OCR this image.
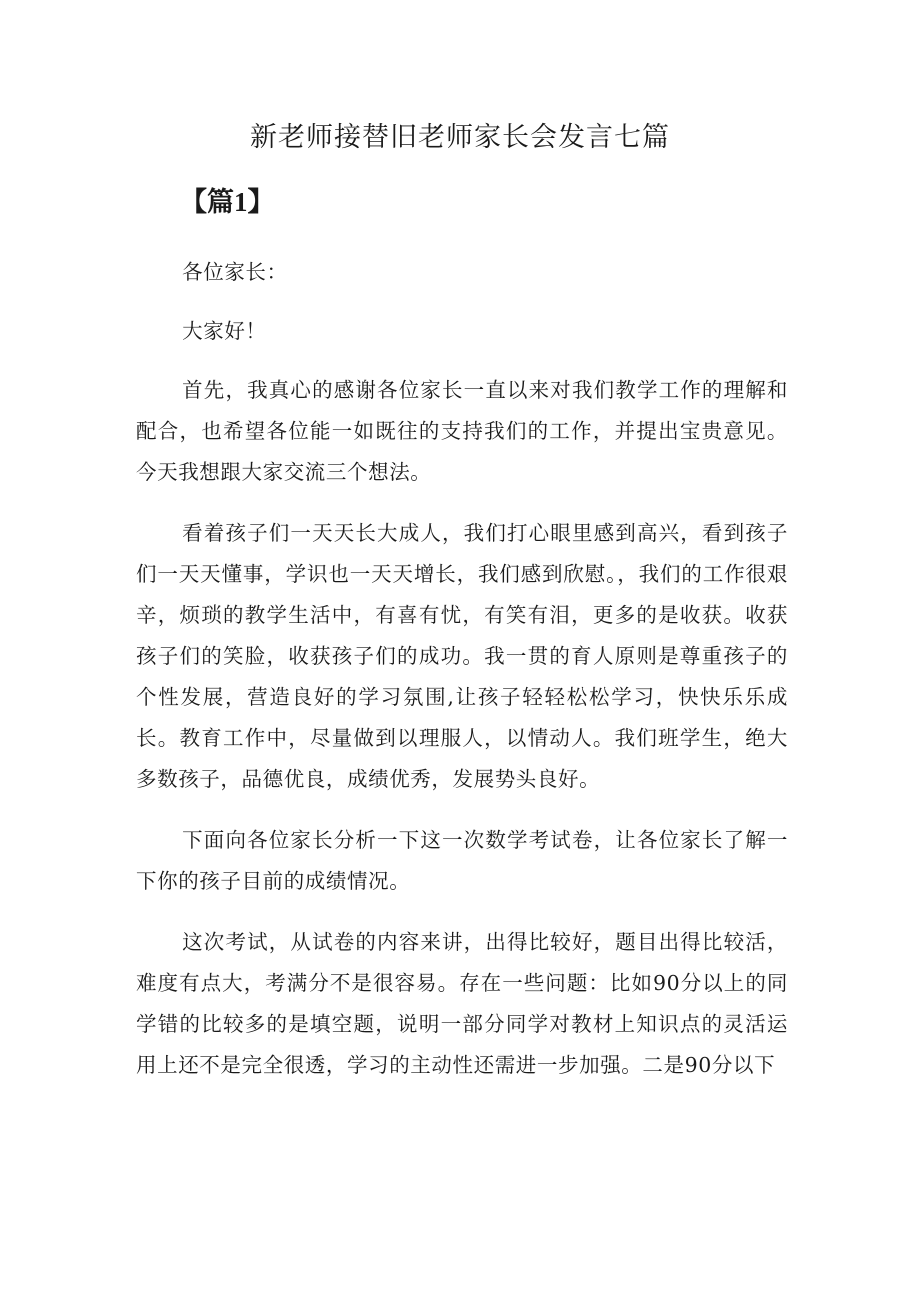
新老师接替旧老师家长会发言七篇
【篇1】

各位家长：

大家好！

首先，我真心的感谢各位家长一直以来对我们教学工作的理解和配合，也希望各位能一如既往的支持我们的工作，并提出宝贵意见。今天我想跟大家交流三个想法。

看着孩子们一天天长大成人，我们打心眼里感到高兴，看到孩子们一天天懂事，学识也一天天增长，我们感到欣慰。，我们的工作很艰辛，烦琐的教学生活中，有喜有忧，有笑有泪，更多的是收获。收获孩子们的笑脸，收获孩子们的成功。我一贯的育人原则是尊重孩子的个性发展，营造良好的学习氛围,让孩子轻轻松松学习，快快乐乐成长。教育工作中，尽量做到以理服人，以情动人。我们班学生，绝大多数孩子，品德优良，成绩优秀，发展势头良好。

下面向各位家长分析一下这一次数学考试卷，让各位家长了解一下你的孩子目前的成绩情况。

这次考试，从试卷的内容来讲，出得比较好，题目出得比较活，难度有点大，考满分不是很容易。存在一些问题：比如90分以上的同学错的比较多的是填空题，说明一部分同学对教材上知识点的灵活运用上还不是完全很透，学习的主动性还需进一步加强。二是90分以下
